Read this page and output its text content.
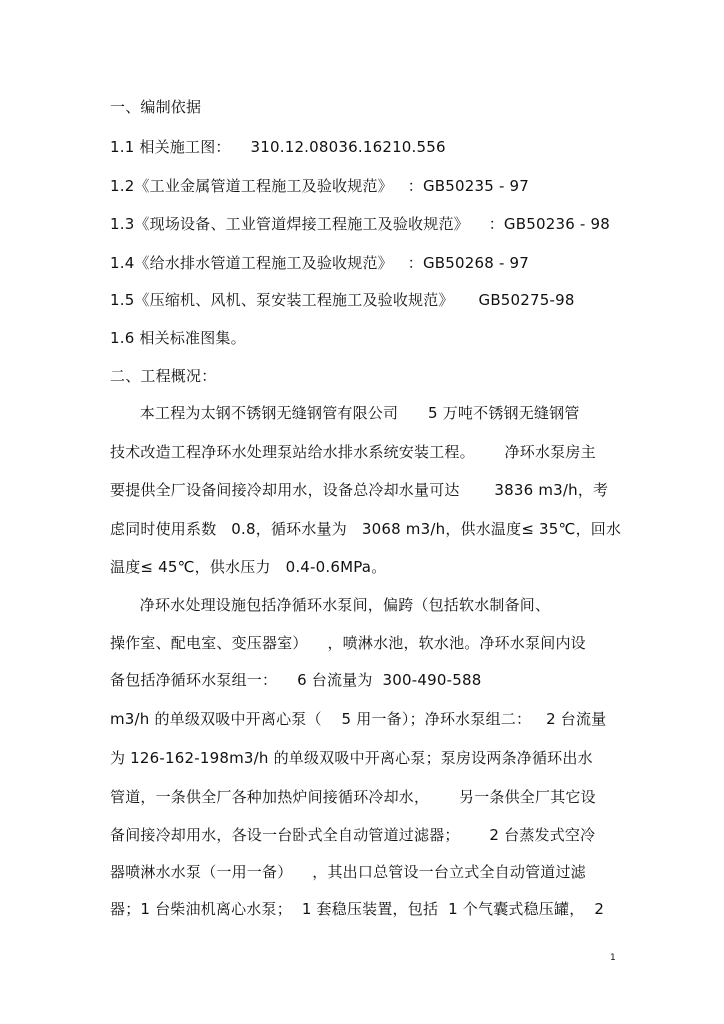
一、编制依据
1.1 相关施工图：    310.12.08036.16210.556
1.2《工业金属管道工程施工及验收规范》   ：GB50235 - 97
1.3《现场设备、工业管道焊接工程施工及验收规范》    ：GB50236 - 98
1.4《给水排水管道工程施工及验收规范》   ：GB50268 - 97
1.5《压缩机、风机、泵安装工程施工及验收规范》     GB50275-98
1.6 相关标准图集。
二、工程概况：
本工程为太钢不锈钢无缝钢管有限公司      5 万吨不锈钢无缝钢管
技术改造工程净环水处理泵站给水排水系统安装工程。      净环水泵房主
要提供全厂设备间接冷却用水，设备总冷却水量可达       3836 m3/h，考
虑同时使用系数   0.8，循环水量为   3068 m3/h，供水温度≤ 35℃，回水
温度≤ 45℃，供水压力   0.4-0.6MPa。
净环水处理设施包括净循环水泵间，偏跨（包括软水制备间、
操作室、配电室、变压器室）    ，喷淋水池，软水池。净环水泵间内设
备包括净循环水泵组一：    6 台流量为  300-490-588
m3/h 的单级双吸中开离心泵（    5 用一备）；净环水泵组二：   2 台流量
为 126-162-198m3/h 的单级双吸中开离心泵；泵房设两条净循环出水
管道，一条供全厂各种加热炉间接循环冷却水，      另一条供全厂其它设
备间接冷却用水，各设一台卧式全自动管道过滤器；      2 台蒸发式空冷
器喷淋水水泵（一用一备）    ，其出口总管设一台立式全自动管道过滤
器；1 台柴油机离心水泵；  1 套稳压装置，包括  1 个气囊式稳压罐，  2
1
